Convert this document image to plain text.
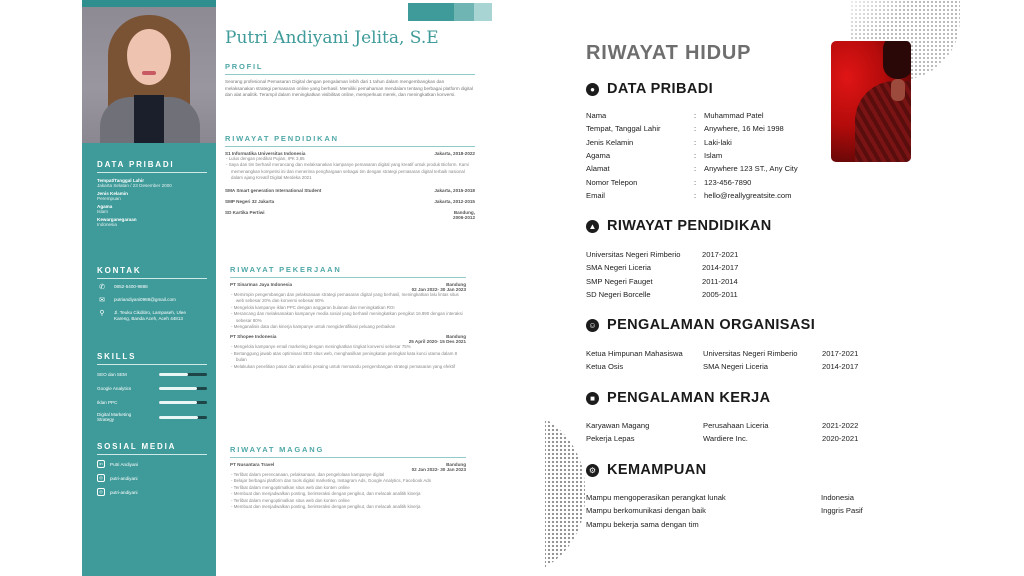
DATA PRIBADI
Tempat/Tanggal Lahir
Jakarta Selatan / 23 Desember 2000
Jenis Kelamin
Perempuan
Agama
Islam
Kewarganegaraan
Indonesia
KONTAK
✆	0852-5400-9888
✉	putriandiyani0988@gmail.com
⚲	Jl. Teuku Cikditiro, Lampaseh, Ulee Kareng, Banda Aceh, Aceh 44813
SKILLS
SEO dan SEM
Google Analytics
Iklan PPC
Digital Marketing Strategy
SOSIAL MEDIA
in	Putri Andiyani
◎	putri-andiyani
◎	putri-andiyani
Putri Andiyani Jelita, S.E
PROFIL
Seorang profesional Pemasaran Digital dengan pengalaman lebih dari 1 tahun dalam mengembangkan dan melaksanakan strategi pemasaran online yang berhasil. Memiliki pemahaman mendalam tentang berbagai platform digital dan alat analitik. Terampil dalam meningkatkan visibilitas online, memperkuat merek, dan meningkatkan konversi.
RIWAYAT PENDIDIKAN
S1 Informatika Universitas Indonesia	Jakarta, 2018-2022
- Lulus dengan predikat Pujian, IPK 3,85
- Saya dan tim berhasil merancang dan melaksanakan kampanye pemasaran digital yang kreatif untuk produk Bioform. Kami memenangkan kompetisi ini dan menerima penghargaan sebagai tim dengan strategi pemasaran digital terbaik nasional dalam ajang Kreatif Digital Merdeka 2021
SMA Smart generation International Student	Jakarta, 2015-2018
SMP Negeri 32 Jakarta	Jakarta, 2012-2015
SD Kartika Pertiwi	Bandung, 2006-2012
RIWAYAT PEKERJAAN
PT Sinarmas Jaya Indonesia	Bandung
02 Jan 2022- 30 Jan 2023
- Memimpin pengembangan dan pelaksanaan strategi pemasaran digital yang berhasil, meningkatkan lalu lintas situs web sebesar 20% dan konversi sebesar 80%
- Mengelola kampanye iklan PPC dengan anggaran bulanan dan meningkatkan ROI
- Merancang dan melaksanakan kampanye media sosial yang berhasil meningkatkan pengikut 16.890 dengan interaksi sebesar 80%
- Menganalisis data dan kinerja kampanye untuk mengidentifikasi peluang perbaikan
PT Shopee Indonesia	Bandung
25 April 2020- 15 Des 2021
- Mengelola kampanye email marketing dengan meningkatkan tingkat konversi sebesar 75%
- Bertanggung jawab atas optimisasi SEO situs web, menghasilkan peningkatan peringkat kata kunci utama dalam 8 bulan
- Melakukan penelitian pasar dan analisis pesaing untuk memandu pengembangan strategi pemasaran yang efektif
RIWAYAT MAGANG
PT Nusantara Travel	Bandung
02 Jan 2022- 30 Jan 2023
- Terlibat dalam perencanaan, pelaksanaan, dan pengelolaan kampanye digital
- Belajar berbagai platform dan tools digital marketing, Instagram Ads, Google Analytics, Facebook Ads
- Terlibat dalam mengoptimalkan situs web dan konten online
- Membuat dan menjadwalkan posting, berinteraksi dengan pengikut, dan melacak analitik kinerja
- Terlibat dalam mengoptimalkan situs web dan konten online
- Membuat dan menjadwalkan posting, berinteraksi dengan pengikut, dan melacak analitik kinerja
RIWAYAT HIDUP
● DATA PRIBADI
Nama	:	Muhammad Patel
Tempat, Tanggal Lahir	:	Anywhere, 16 Mei 1998
Jenis Kelamin	:	Laki-laki
Agama	:	Islam
Alamat	:	Anywhere 123 ST., Any City
Nomor Telepon	:	123-456-7890
Email	:	hello@reallygreatsite.com
▲ RIWAYAT PENDIDIKAN
Universitas Negeri Rimberio	2017-2021
SMA Negeri Liceria	2014-2017
SMP Negeri Fauget	2011-2014
SD Negeri Borcelle	2005-2011
☺ PENGALAMAN ORGANISASI
Ketua Himpunan Mahasiswa	Universitas Negeri Rimberio	2017-2021
Ketua Osis	SMA Negeri Liceria	2014-2017
■ PENGALAMAN KERJA
Karyawan Magang	Perusahaan Liceria	2021-2022
Pekerja Lepas	Wardiere Inc.	2020-2021
⚙ KEMAMPUAN
Mampu mengoperasikan perangkat lunak	Indonesia
Mampu berkomunikasi dengan baik	Inggris Pasif
Mampu bekerja sama dengan tim
